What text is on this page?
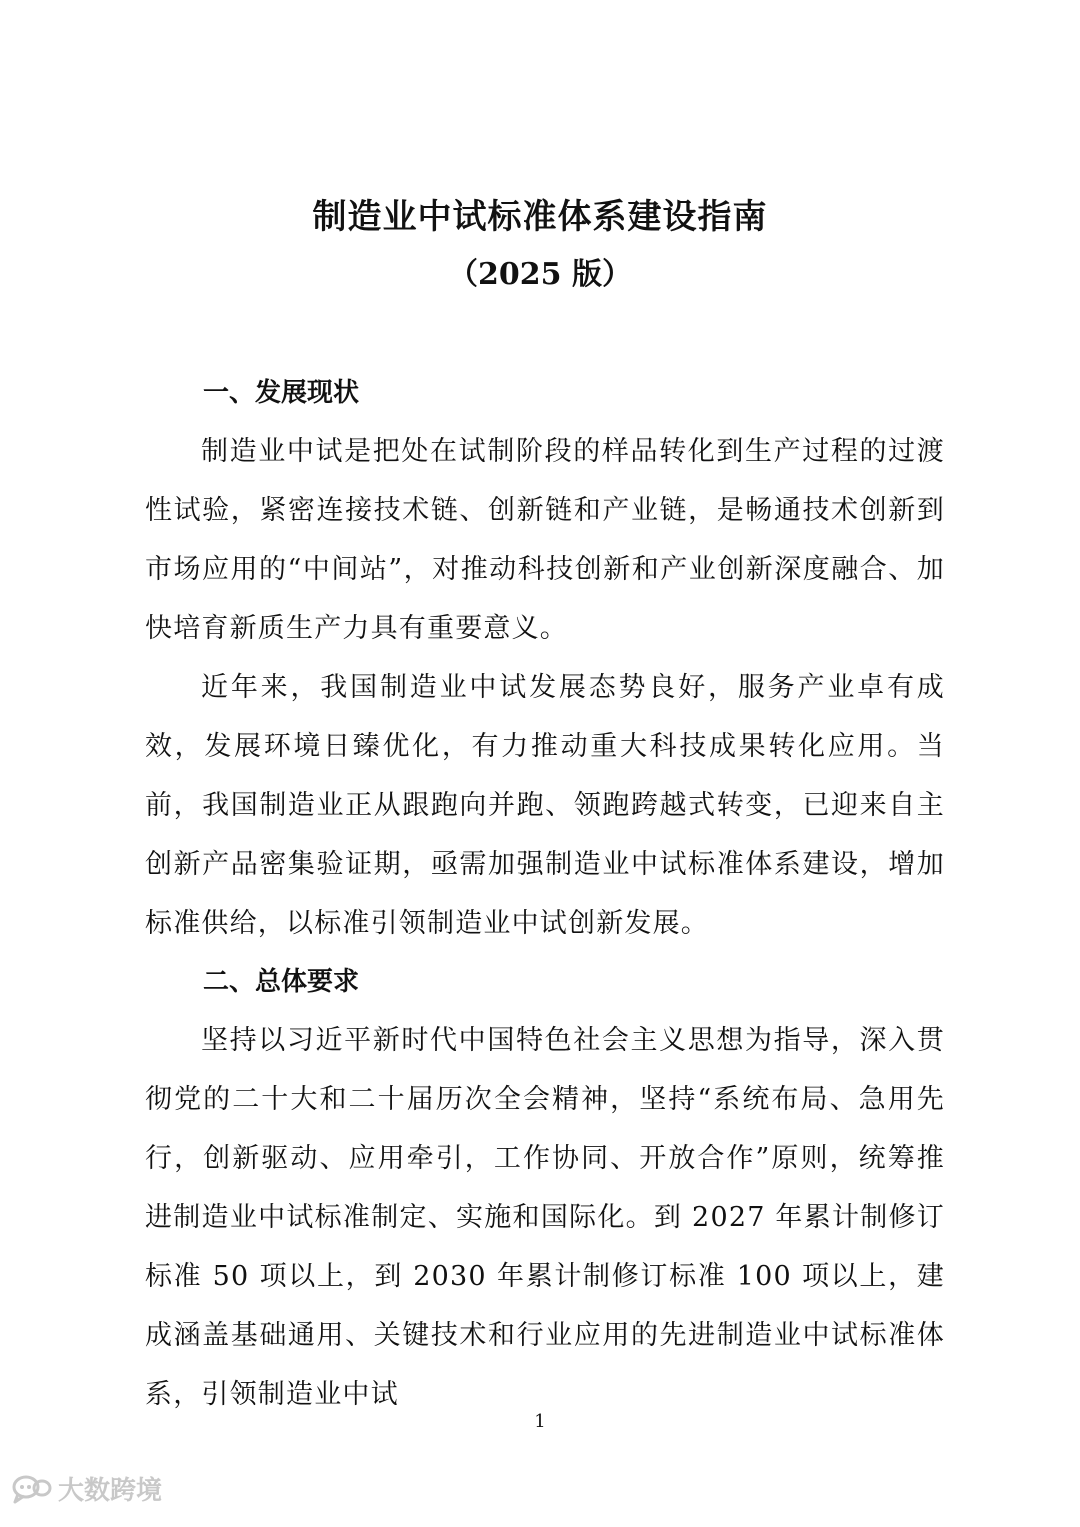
制造业中试标准体系建设指南
（2025 版）
一、发展现状

制造业中试是把处在试制阶段的样品转化到生产过程的过渡性试验，紧密连接技术链、创新链和产业链，是畅通技术创新到市场应用的“中间站”，对推动科技创新和产业创新深度融合、加快培育新质生产力具有重要意义。

近年来，我国制造业中试发展态势良好，服务产业卓有成效，发展环境日臻优化，有力推动重大科技成果转化应用。当前，我国制造业正从跟跑向并跑、领跑跨越式转变，已迎来自主创新产品密集验证期，亟需加强制造业中试标准体系建设，增加标准供给，以标准引领制造业中试创新发展。

二、总体要求

坚持以习近平新时代中国特色社会主义思想为指导，深入贯彻党的二十大和二十届历次全会精神，坚持“系统布局、急用先行，创新驱动、应用牵引，工作协同、开放合作”原则，统筹推进制造业中试标准制定、实施和国际化。到 2027 年累计制修订标准 50 项以上，到 2030 年累计制修订标准 100 项以上，建成涵盖基础通用、关键技术和行业应用的先进制造业中试标准体系，引领制造业中试

1
大数跨境
